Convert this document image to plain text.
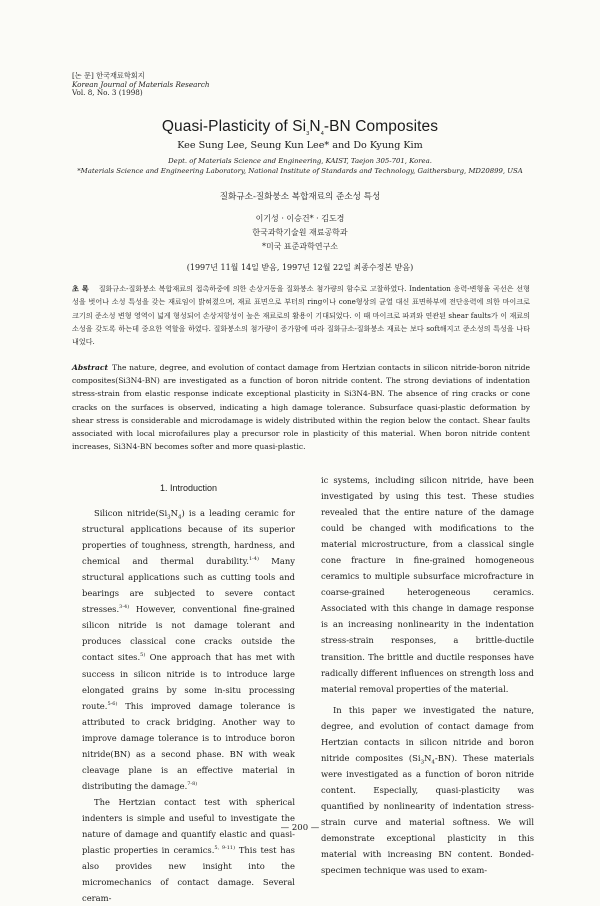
[논 문] 한국재료학회지
Korean Journal of Materials Research
Vol. 8, No. 3 (1998)
Quasi-Plasticity of $Si_3N_4-BN$ Composites
Kee Sung Lee, Seung Kun Lee* and Do Kyung Kim
Dept. of Materials Science and Engineering, KAIST, Taejon 305-701, Korea.
*Materials Science and Engineering Laboratory, National Institute of Standards and Technology, Gaithersburg, MD20899, USA
질화규소-질화붕소 복합재료의 준소성 특성
이기성 · 이승건* · 김도경
한국과학기술원 재료공학과
*미국 표준과학연구소
(1997년 11월 14일 받음, 1997년 12월 22일 최종수정본 받음)
초 록 질화규소-질화붕소 복합재료의 접촉하중에 의한 손상거동을 질화붕소 첨가량의 함수로 고찰하였다. Indentation 응력-변형율 곡선은 선형성을 벗어나 소성 특성을 갖는 재료임이 밝혀졌으며, 재료 표면으로 부터의 ring이나 cone형상의 균열 대신 표면하부에 전단응력에 의한 마이크로 크기의 준소성 변형 영역이 넓게 형성되어 손상저항성이 높은 재료로의 활용이 기대되었다. 이 때 마이크로 파괴와 연관된 shear faults가 이 재료의 소성을 갖도록 하는데 중요한 역할을 하였다. 질화붕소의 첨가량이 증가함에 따라 질화규소-질화붕소 재료는 보다 soft해지고 준소성의 특성을 나타내었다.
Abstract The nature, degree, and evolution of contact damage from Hertzian contacts in silicon nitride-boron nitride composites(Si3N4-BN) are investigated as a function of boron nitride content. The strong deviations of indentation stress-strain from elastic response indicate exceptional plasticity in Si3N4-BN. The absence of ring cracks or cone cracks on the surfaces is observed, indicating a high damage tolerance. Subsurface quasi-plastic deformation by shear stress is considerable and microdamage is widely distributed within the region below the contact. Shear faults associated with local microfailures play a precursor role in plasticity of this material. When boron nitride content increases, Si3N4-BN becomes softer and more quasi-plastic.
1. Introduction

Silicon $nitride(Si_3N_4)$ is a leading ceramic for structural applications because of its superior properties of toughness, strength, hardness, and chemical and thermal durability.$^{1-4)}$ Many structural applications such as cutting tools and bearings are subjected to severe contact stresses.$^{3-4)}$ However, conventional fine-grained silicon nitride is not damage tolerant and produces classical cone cracks outside the contact sites.$^{5)}$ One approach that has met with success in silicon nitride is to introduce large elongated grains by some in-situ processing route.$^{5-6)}$ This improved damage tolerance is attributed to crack bridging. Another way to improve damage tolerance is to introduce boron nitride(BN) as a second phase. BN with weak cleavage plane is an effective material in distributing the damage.$^{7-8)}$

The Hertzian contact test with spherical indenters is simple and useful to investigate the nature of damage and quantify elastic and quasi-plastic properties in ceramics.$^{5, 9-11)}$ This test has also provides new insight into the micromechanics of contact damage. Several ceram-

ic systems, including silicon nitride, have been investigated by using this test. These studies revealed that the entire nature of the damage could be changed with modifications to the material microstructure, from a classical single cone fracture in fine-grained homogeneous ceramics to multiple subsurface microfracture in coarse-grained heterogeneous ceramics. Associated with this change in damage response is an increasing nonlinearity in the indentation stress-strain responses, a brittle-ductile transition. The brittle and ductile responses have radically different influences on strength loss and material removal properties of the material.

In this paper we investigated the nature, degree, and evolution of contact damage from Hertzian contacts in silicon nitride and boron nitride composites $(Si_3N_4-BN)$. These materials were investigated as a function of boron nitride content. Especially, quasi-plasticity was quantified by nonlinearity of indentation stress-strain curve and material softness. We will demonstrate exceptional plasticity in this material with increasing BN content. Bonded-specimen technique was used to exam-

— 200 —
